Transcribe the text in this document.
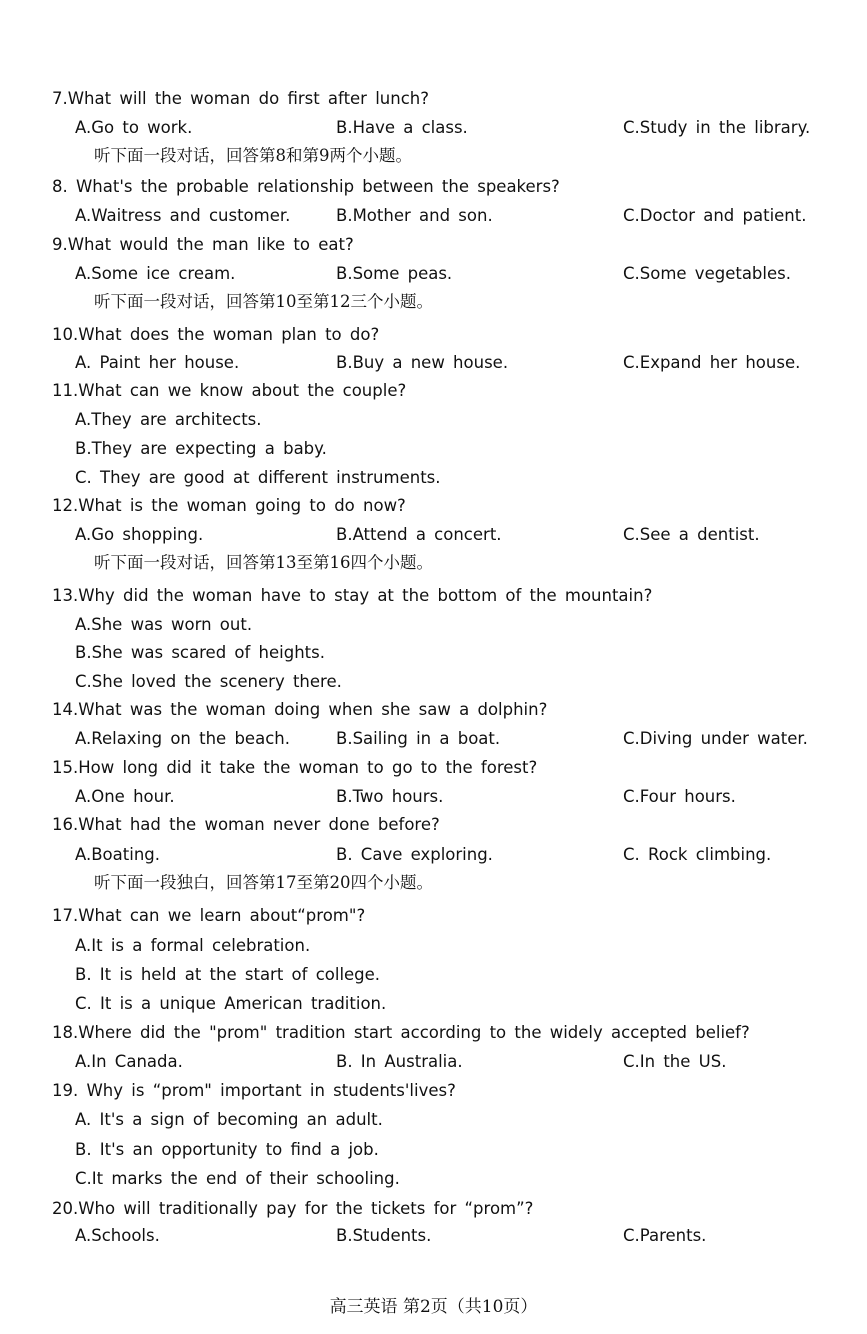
7.What will the woman do first after lunch?
A.Go to work.	B.Have a class.	C.Study in the library.
听下面一段对话，回答第8和第9两个小题。
8. What's the probable relationship between the speakers?
A.Waitress and customer.	B.Mother and son.	C.Doctor and patient.
9.What would the man like to eat?
A.Some ice cream.	B.Some peas.	C.Some vegetables.
听下面一段对话，回答第10至第12三个小题。
10.What does the woman plan to do?
A. Paint her house.	B.Buy a new house.	C.Expand her house.
11.What can we know about the couple?
A.They are architects.
B.They are expecting a baby.
C. They are good at different instruments.
12.What is the woman going to do now?
A.Go shopping.	B.Attend a concert.	C.See a dentist.
听下面一段对话，回答第13至第16四个小题。
13.Why did the woman have to stay at the bottom of the mountain?
A.She was worn out.
B.She was scared of heights.
C.She loved the scenery there.
14.What was the woman doing when she saw a dolphin?
A.Relaxing on the beach.	B.Sailing in a boat.	C.Diving under water.
15.How long did it take the woman to go to the forest?
A.One hour.	B.Two hours.	C.Four hours.
16.What had the woman never done before?
A.Boating.	B. Cave exploring.	C. Rock climbing.
听下面一段独白，回答第17至第20四个小题。
17.What can we learn about“prom"?
A.It is a formal celebration.
B. It is held at the start of college.
C. It is a unique American tradition.
18.Where did the "prom" tradition start according to the widely accepted belief?
A.In Canada.	B. In Australia.	C.In the US.
19. Why is “prom" important in students'lives?
A. It's a sign of becoming an adult.
B. It's an opportunity to find a job.
C.It marks the end of their schooling.
20.Who will traditionally pay for the tickets for “prom”?
A.Schools.	B.Students.	C.Parents.
高三英语 第2页（共10页）
